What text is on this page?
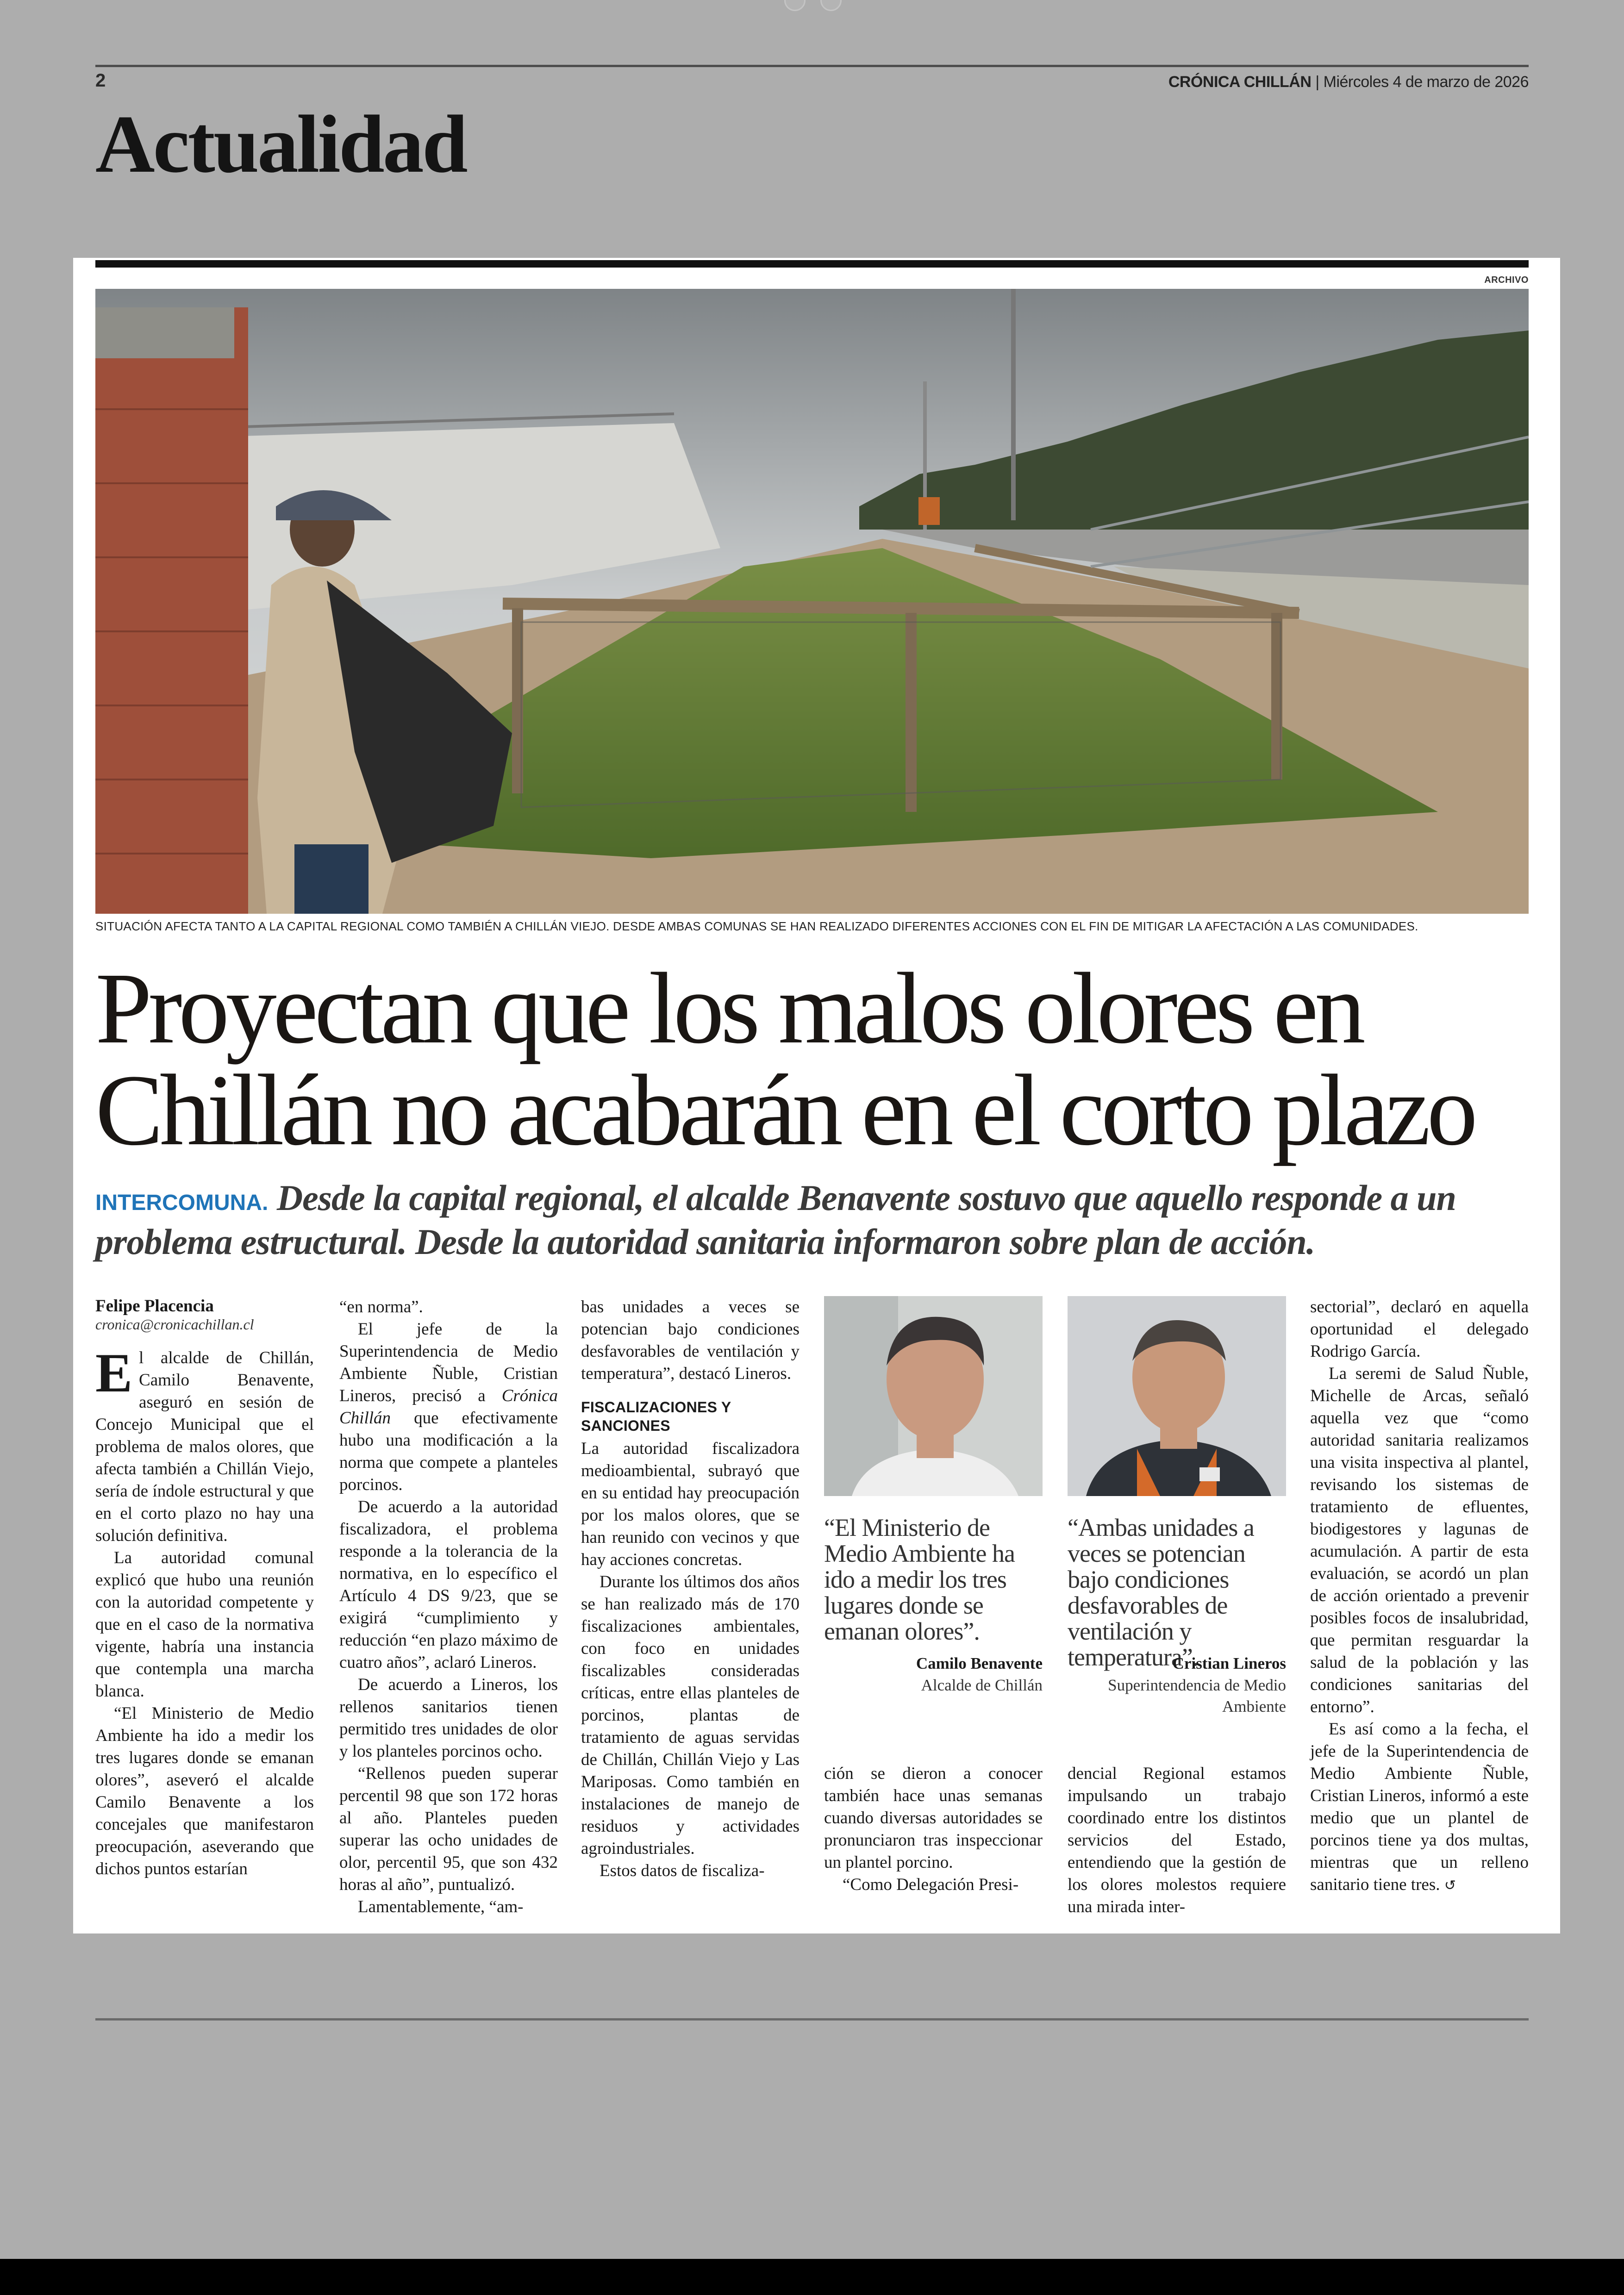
2	CRÓNICA CHILLÁN | Miércoles 4 de marzo de 2026
Actualidad
ARCHIVO
SITUACIÓN AFECTA TANTO A LA CAPITAL REGIONAL COMO TAMBIÉN A CHILLÁN VIEJO. DESDE AMBAS COMUNAS SE HAN REALIZADO DIFERENTES ACCIONES CON EL FIN DE MITIGAR LA AFECTACIÓN A LAS COMUNIDADES.
Proyectan que los malos olores en
Chillán no acabarán en el corto plazo
INTERCOMUNA. Desde la capital regional, el alcalde Benavente sostuvo que aquello responde a un problema estructural. Desde la autoridad sanitaria informaron sobre plan de acción.
Felipe Placencia
cronica@cronicachillan.cl

El alcalde de Chillán, Camilo Benavente, aseguró en sesión de Concejo Municipal que el problema de malos olores, que afecta también a Chillán Viejo, sería de índole estructural y que en el corto plazo no hay una solución definitiva.

La autoridad comunal explicó que hubo una reunión con la autoridad competente y que en el caso de la normativa vigente, habría una instancia que contempla una marcha blanca.

“El Ministerio de Medio Ambiente ha ido a medir los tres lugares donde se emanan olores”, aseveró el alcalde Camilo Benavente a los concejales que manifestaron preocupación, aseverando que dichos puntos estarían

“en norma”.

El jefe de la Superintendencia de Medio Ambiente Ñuble, Cristian Lineros, precisó a Crónica Chillán que efectivamente hubo una modificación a la norma que compete a planteles porcinos.

De acuerdo a la autoridad fiscalizadora, el problema responde a la tolerancia de la normativa, en lo específico el Artículo 4 DS 9/23, que se exigirá “cumplimiento y reducción “en plazo máximo de cuatro años”, aclaró Lineros.

De acuerdo a Lineros, los rellenos sanitarios tienen permitido tres unidades de olor y los planteles porcinos ocho.

“Rellenos pueden superar percentil 98 que son 172 horas al año. Planteles pueden superar las ocho unidades de olor, percentil 95, que son 432 horas al año”, puntualizó.

Lamentablemente, “am-

bas unidades a veces se potencian bajo condiciones desfavorables de ventilación y temperatura”, destacó Lineros.

FISCALIZACIONES Y SANCIONES

La autoridad fiscalizadora medioambiental, subrayó que en su entidad hay preocupación por los malos olores, que se han reunido con vecinos y que hay acciones concretas.

Durante los últimos dos años se han realizado más de 170 fiscalizaciones ambientales, con foco en unidades fiscalizables consideradas críticas, entre ellas planteles de porcinos, plantas de tratamiento de aguas servidas de Chillán, Chillán Viejo y Las Mariposas. Como también en instalaciones de manejo de residuos y actividades agroindustriales.

Estos datos de fiscaliza-

“El Ministerio de Medio Ambiente ha ido a medir los tres lugares donde se emanan olores”.
Camilo Benavente
Alcalde de Chillán

ción se dieron a conocer también hace unas semanas cuando diversas autoridades se pronunciaron tras inspeccionar un plantel porcino.

“Como Delegación Presi-

“Ambas unidades a veces se potencian bajo condiciones desfavorables de ventilación y temperatura”.
Cristian Lineros
Superintendencia de Medio Ambiente

dencial Regional estamos impulsando un trabajo coordinado entre los distintos servicios del Estado, entendiendo que la gestión de los olores molestos requiere una mirada inter-

sectorial”, declaró en aquella oportunidad el delegado Rodrigo García.

La seremi de Salud Ñuble, Michelle de Arcas, señaló aquella vez que “como autoridad sanitaria realizamos una visita inspectiva al plantel, revisando los sistemas de tratamiento de efluentes, biodigestores y lagunas de acumulación. A partir de esta evaluación, se acordó un plan de acción orientado a prevenir posibles focos de insalubridad, que permitan resguardar la salud de la población y las condiciones sanitarias del entorno”.

Es así como a la fecha, el jefe de la Superintendencia de Medio Ambiente Ñuble, Cristian Lineros, informó a este medio que un plantel de porcinos tiene ya dos multas, mientras que un relleno sanitario tiene tres. ↺
